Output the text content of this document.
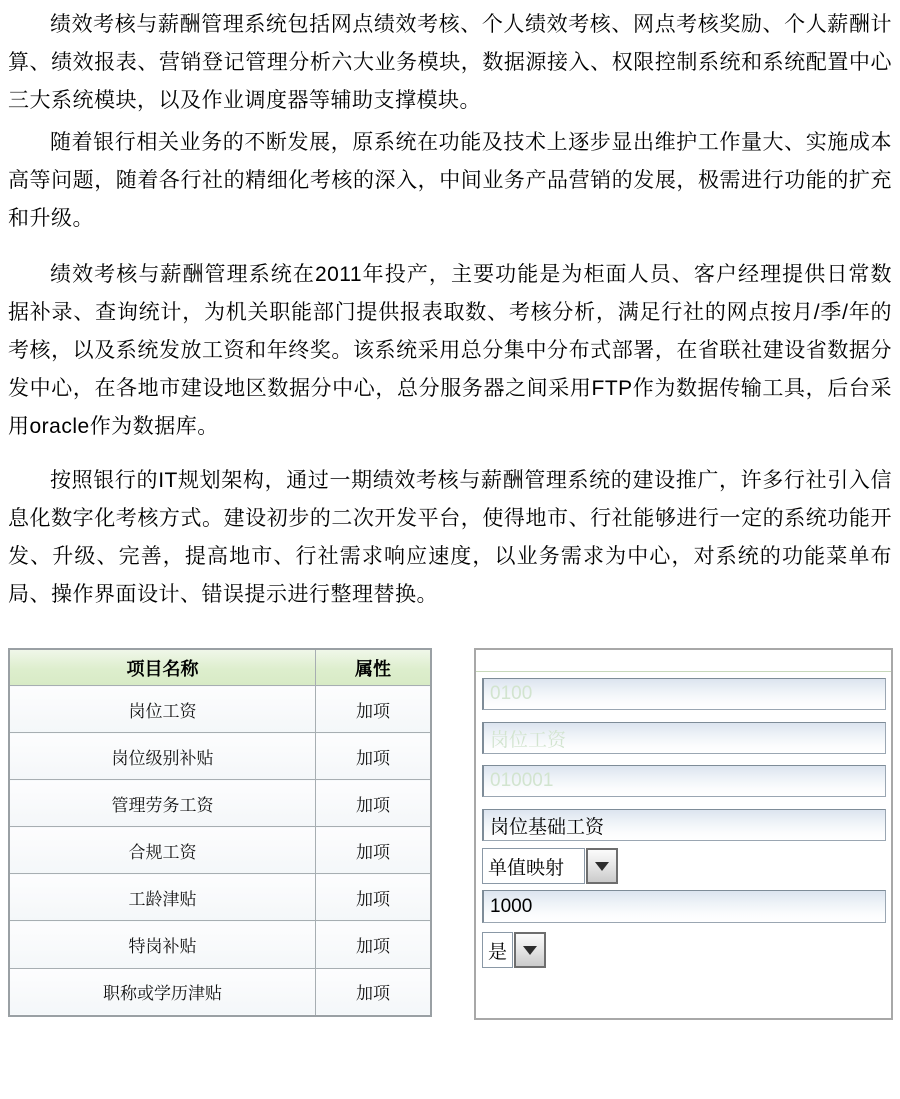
绩效考核与薪酬管理系统包括网点绩效考核、个人绩效考核、网点考核奖励、个人薪酬计算、绩效报表、营销登记管理分析六大业务模块，数据源接入、权限控制系统和系统配置中心三大系统模块，以及作业调度器等辅助支撑模块。

随着银行相关业务的不断发展，原系统在功能及技术上逐步显出维护工作量大、实施成本高等问题，随着各行社的精细化考核的深入，中间业务产品营销的发展，极需进行功能的扩充和升级。

绩效考核与薪酬管理系统在2011年投产，主要功能是为柜面人员、客户经理提供日常数据补录、查询统计，为机关职能部门提供报表取数、考核分析，满足行社的网点按月/季/年的考核，以及系统发放工资和年终奖。该系统采用总分集中分布式部署，在省联社建设省数据分发中心，在各地市建设地区数据分中心，总分服务器之间采用FTP作为数据传输工具，后台采用oracle作为数据库。

按照银行的IT规划架构，通过一期绩效考核与薪酬管理系统的建设推广，许多行社引入信息化数字化考核方式。建设初步的二次开发平台，使得地市、行社能够进行一定的系统功能开发、升级、完善，提高地市、行社需求响应速度，以业务需求为中心，对系统的功能菜单布局、操作界面设计、错误提示进行整理替换。

项目名称	属性
岗位工资	加项
岗位级别补贴	加项
管理劳务工资	加项
合规工资	加项
工龄津贴	加项
特岗补贴	加项
职称或学历津贴	加项
0100
岗位工资
010001
岗位基础工资
单值映射
1000
是
